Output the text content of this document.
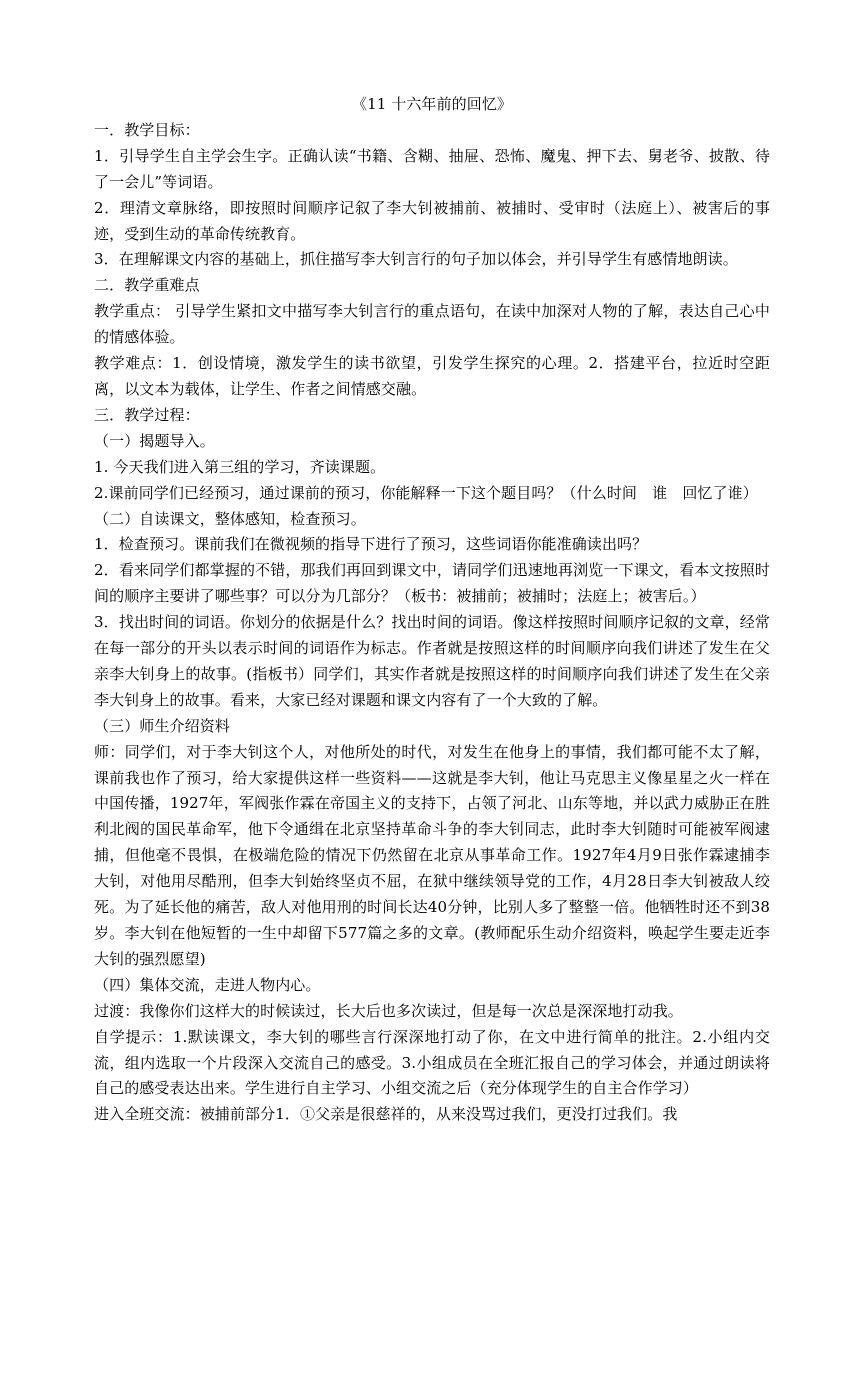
《11 十六年前的回忆》

一．教学目标：

1．引导学生自主学会生字。正确认读“书籍、含糊、抽屉、恐怖、魔鬼、押下去、舅老爷、披散、待了一会儿”等词语。

2．理清文章脉络，即按照时间顺序记叙了李大钊被捕前、被捕时、受审时（法庭上）、被害后的事迹，受到生动的革命传统教育。

3．在理解课文内容的基础上，抓住描写李大钊言行的句子加以体会，并引导学生有感情地朗读。

二．教学重难点

教学重点： 引导学生紧扣文中描写李大钊言行的重点语句，在读中加深对人物的了解，表达自己心中的情感体验。

教学难点：1．创设情境，激发学生的读书欲望，引发学生探究的心理。2．搭建平台，拉近时空距离，以文本为载体，让学生、作者之间情感交融。

三．教学过程：

（一）揭题导入。

1. 今天我们进入第三组的学习，齐读课题。

2.课前同学们已经预习，通过课前的预习，你能解释一下这个题目吗？（什么时间　谁　回忆了谁）

（二）自读课文，整体感知，检查预习。

1．检查预习。课前我们在微视频的指导下进行了预习，这些词语你能准确读出吗？

2．看来同学们都掌握的不错，那我们再回到课文中，请同学们迅速地再浏览一下课文，看本文按照时间的顺序主要讲了哪些事？可以分为几部分？（板书：被捕前；被捕时；法庭上；被害后。）

3．找出时间的词语。你划分的依据是什么？找出时间的词语。像这样按照时间顺序记叙的文章，经常在每一部分的开头以表示时间的词语作为标志。作者就是按照这样的时间顺序向我们讲述了发生在父亲李大钊身上的故事。(指板书）同学们，其实作者就是按照这样的时间顺序向我们讲述了发生在父亲李大钊身上的故事。看来，大家已经对课题和课文内容有了一个大致的了解。

（三）师生介绍资料

师：同学们，对于李大钊这个人，对他所处的时代，对发生在他身上的事情，我们都可能不太了解，课前我也作了预习，给大家提供这样一些资料——这就是李大钊，他让马克思主义像星星之火一样在中国传播，1927年，军阀张作霖在帝国主义的支持下，占领了河北、山东等地，并以武力威胁正在胜利北阀的国民革命军，他下令通缉在北京坚持革命斗争的李大钊同志，此时李大钊随时可能被军阀逮捕，但他毫不畏惧，在极端危险的情况下仍然留在北京从事革命工作。1927年4月9日张作霖逮捕李大钊，对他用尽酷刑，但李大钊始终坚贞不屈，在狱中继续领导党的工作，4月28日李大钊被敌人绞死。为了延长他的痛苦，敌人对他用刑的时间长达40分钟，比别人多了整整一倍。他牺牲时还不到38岁。李大钊在他短暂的一生中却留下577篇之多的文章。(教师配乐生动介绍资料，唤起学生要走近李大钊的强烈愿望)

（四）集体交流，走进人物内心。

过渡：我像你们这样大的时候读过，长大后也多次读过，但是每一次总是深深地打动我。

自学提示：1.默读课文，李大钊的哪些言行深深地打动了你，在文中进行简单的批注。2.小组内交流，组内选取一个片段深入交流自己的感受。3.小组成员在全班汇报自己的学习体会，并通过朗读将自己的感受表达出来。学生进行自主学习、小组交流之后（充分体现学生的自主合作学习）

进入全班交流：被捕前部分1．①父亲是很慈祥的，从来没骂过我们，更没打过我们。我
